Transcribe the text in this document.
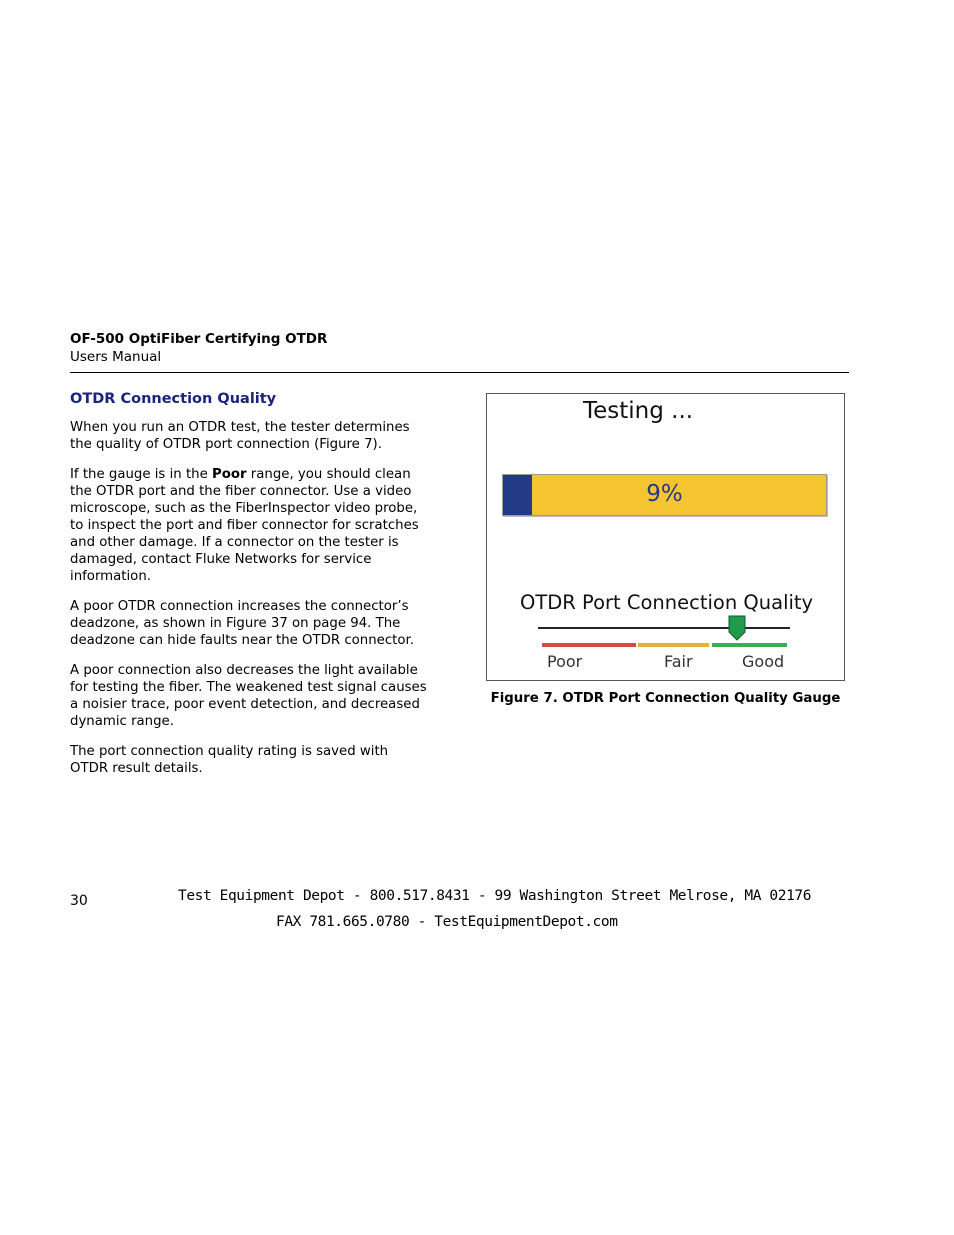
OF-500 OptiFiber Certifying OTDR
Users Manual
OTDR Connection Quality

When you run an OTDR test, the tester determines the quality of OTDR port connection (Figure 7).

If the gauge is in the Poor range, you should clean the OTDR port and the fiber connector. Use a video microscope, such as the FiberInspector video probe, to inspect the port and fiber connector for scratches and other damage. If a connector on the tester is damaged, contact Fluke Networks for service information.

A poor OTDR connection increases the connector’s deadzone, as shown in Figure 37 on page 94. The deadzone can hide faults near the OTDR connector.

A poor connection also decreases the light available for testing the fiber. The weakened test signal causes a noisier trace, poor event detection, and decreased dynamic range.

The port connection quality rating is saved with OTDR result details.

Testing ...
9%
OTDR Port Connection Quality
Poor	Fair	Good
Figure 7. OTDR Port Connection Quality Gauge
30	Test Equipment Depot - 800.517.8431 - 99 Washington Street Melrose, MA 02176
FAX 781.665.0780 - TestEquipmentDepot.com
